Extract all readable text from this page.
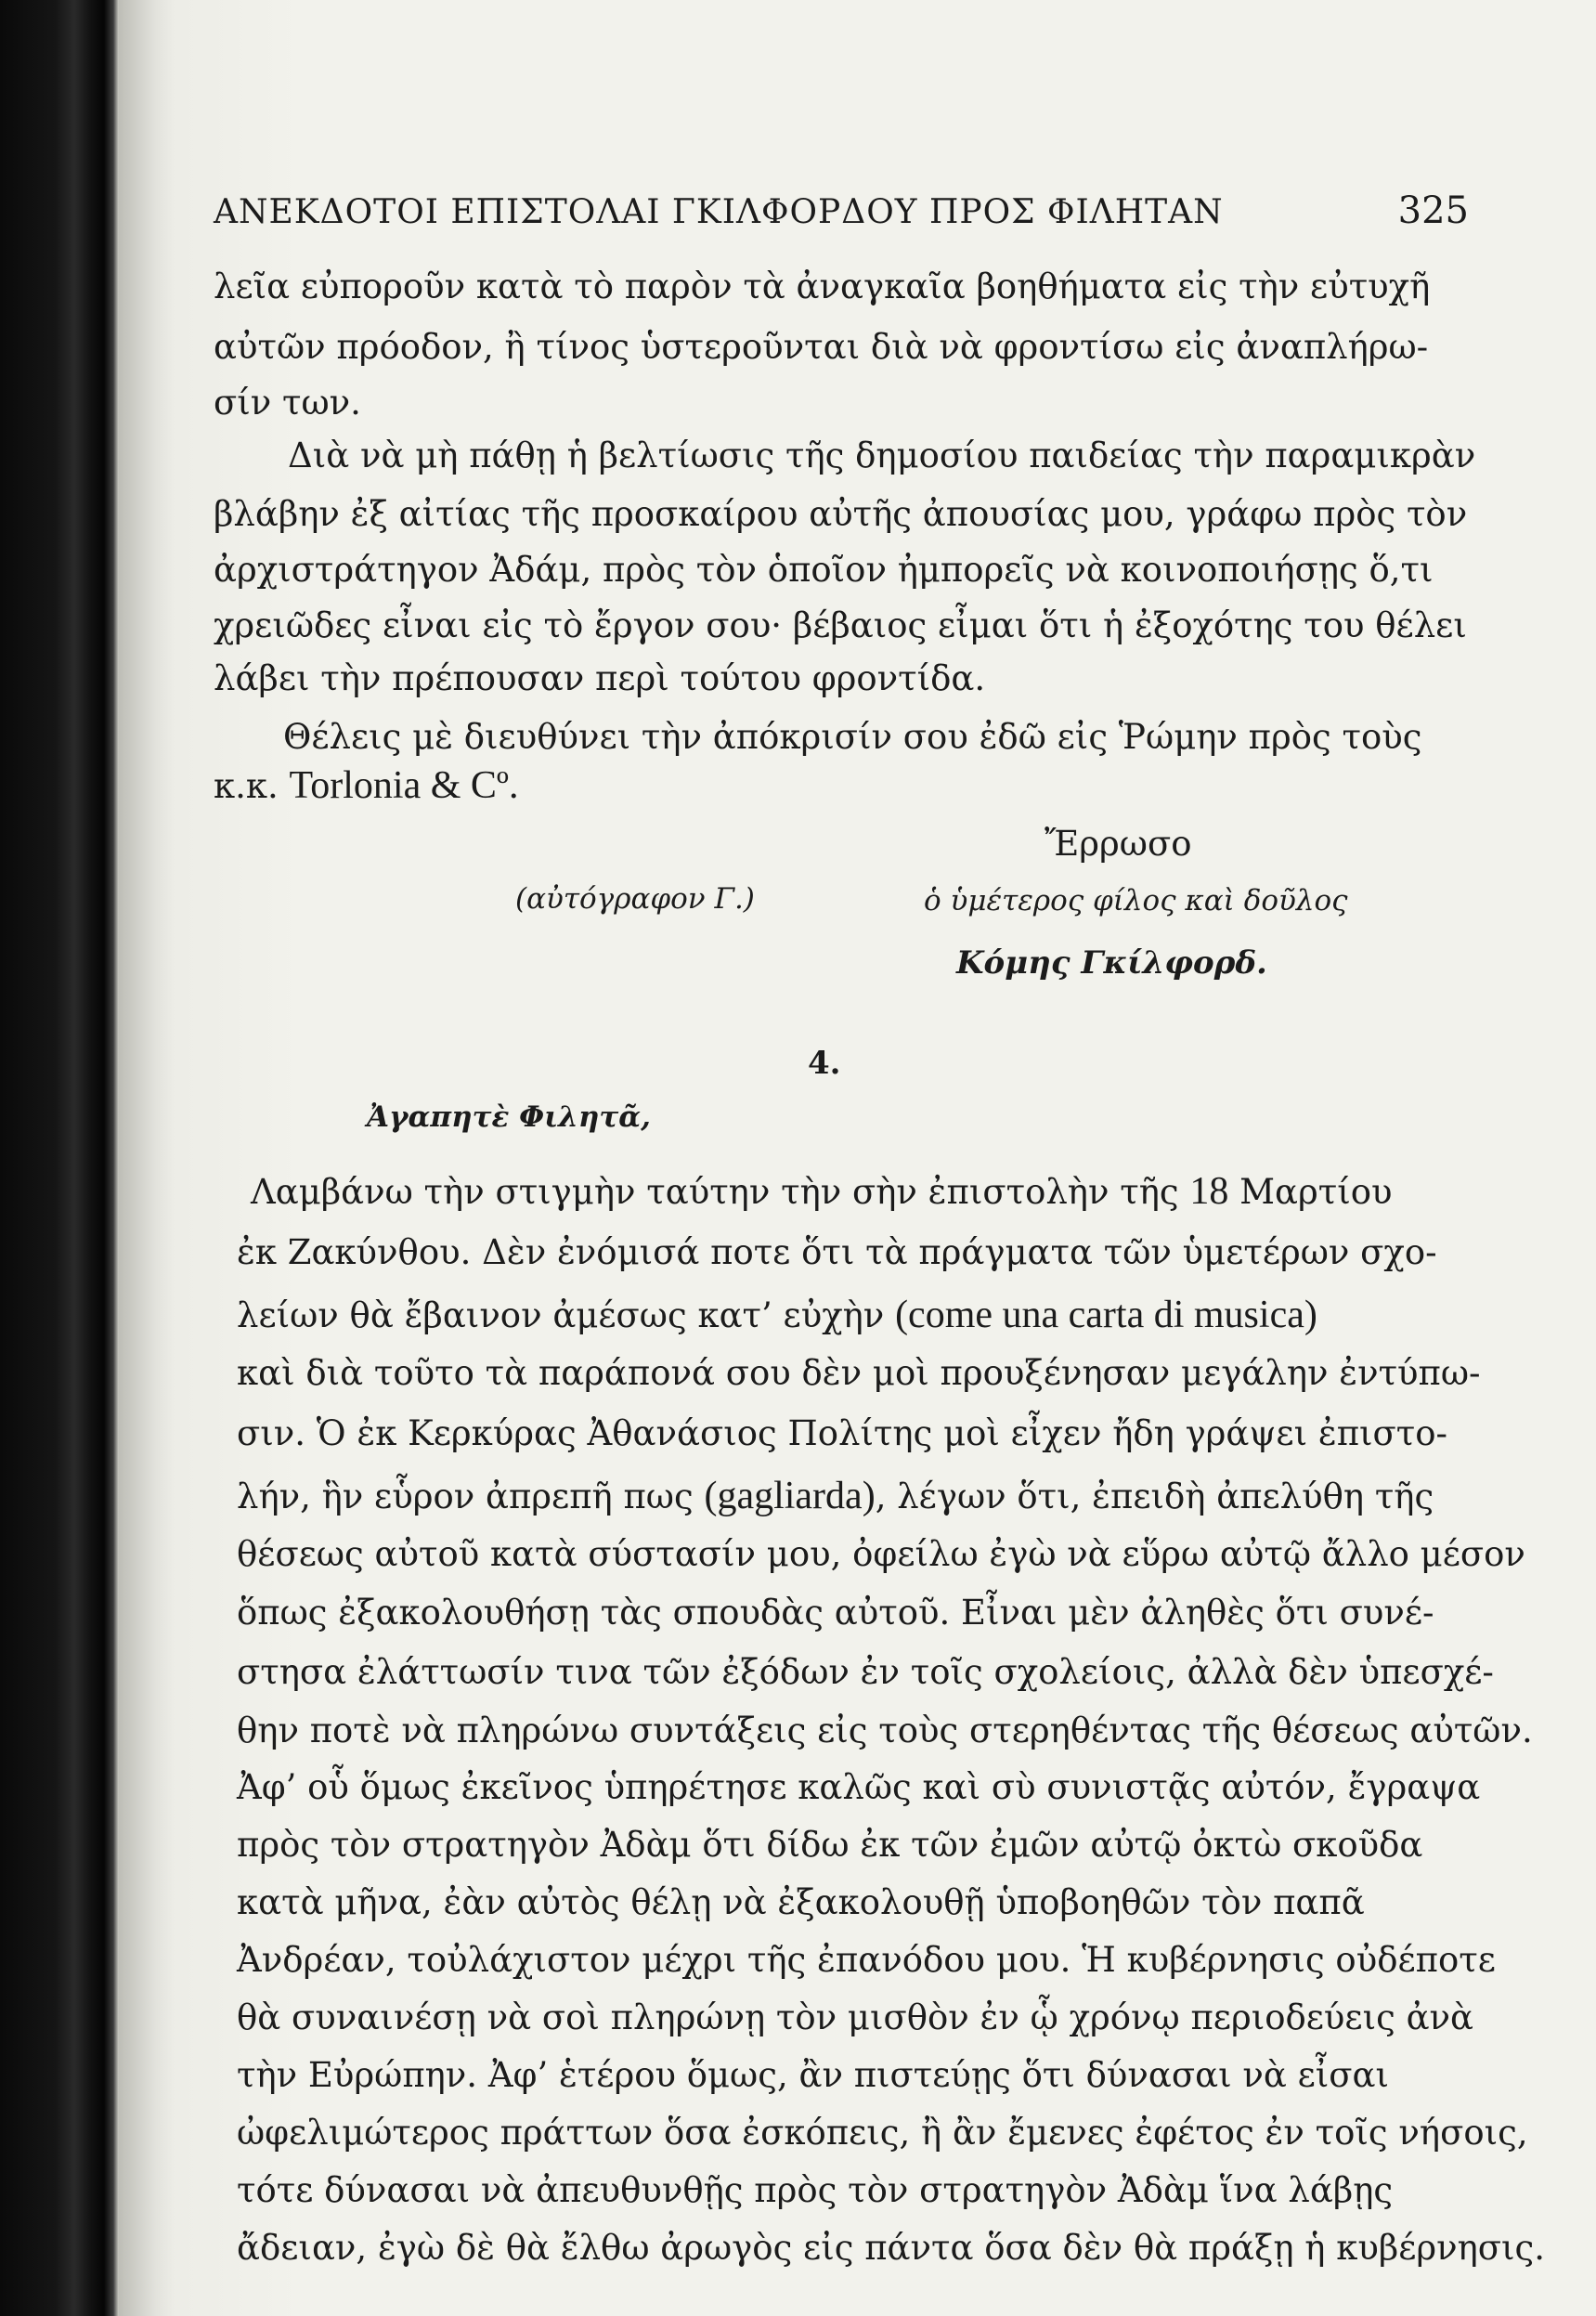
ΑΝΕΚΔΟΤΟΙ ΕΠΙΣΤΟΛΑΙ ΓΚΙΛΦΟΡΔΟΥ ΠΡΟΣ ΦΙΛΗΤΑΝ	325
λεῖα εὐποροῦν κατὰ τὸ παρὸν τὰ ἀναγκαῖα βοηθήματα εἰς τὴν εὐτυχῆ
αὐτῶν πρόοδον, ἢ τίνος ὑστεροῦνται διὰ νὰ φροντίσω εἰς ἀναπλήρω-
σίν των.
Διὰ νὰ μὴ πάθῃ ἡ βελτίωσις τῆς δημοσίου παιδείας τὴν παραμικρὰν
βλάβην ἐξ αἰτίας τῆς προσκαίρου αὐτῆς ἀπουσίας μου, γράφω πρὸς τὸν
ἀρχιστράτηγον Ἀδάμ, πρὸς τὸν ὁποῖον ἠμπορεῖς νὰ κοινοποιήσῃς ὅ,τι
χρειῶδες εἶναι εἰς τὸ ἔργον σου· βέβαιος εἶμαι ὅτι ἡ ἐξοχότης του θέλει
λάβει τὴν πρέπουσαν περὶ τούτου φροντίδα.
Θέλεις μὲ διευθύνει τὴν ἀπόκρισίν σου ἐδῶ εἰς Ῥώμην πρὸς τοὺς
κ.κ. Torlonia & Cº.
Ἔρρωσο
(αὐτόγραφον Γ.)	ὁ ὑμέτερος φίλος καὶ δοῦλος
Κόμης Γκίλφορδ.
4.
Ἀγαπητὲ Φιλητᾶ,
Λαμβάνω τὴν στιγμὴν ταύτην τὴν σὴν ἐπιστολὴν τῆς 18 Μαρτίου
ἐκ Ζακύνθου. Δὲν ἐνόμισά ποτε ὅτι τὰ πράγματα τῶν ὑμετέρων σχο-
λείων θὰ ἔβαινον ἀμέσως κατ’ εὐχὴν (come una carta di musica)
καὶ διὰ τοῦτο τὰ παράπονά σου δὲν μοὶ προυξένησαν μεγάλην ἐντύπω-
σιν. Ὁ ἐκ Κερκύρας Ἀθανάσιος Πολίτης μοὶ εἶχεν ἤδη γράψει ἐπιστο-
λήν, ἣν εὗρον ἀπρεπῆ πως (gagliarda), λέγων ὅτι, ἐπειδὴ ἀπελύθη τῆς
θέσεως αὐτοῦ κατὰ σύστασίν μου, ὀφείλω ἐγὼ νὰ εὕρω αὐτῷ ἄλλο μέσον
ὅπως ἐξακολουθήσῃ τὰς σπουδὰς αὐτοῦ. Εἶναι μὲν ἀληθὲς ὅτι συνέ-
στησα ἐλάττωσίν τινα τῶν ἐξόδων ἐν τοῖς σχολείοις, ἀλλὰ δὲν ὑπεσχέ-
θην ποτὲ νὰ πληρώνω συντάξεις εἰς τοὺς στερηθέντας τῆς θέσεως αὐτῶν.
Ἀφ’ οὗ ὅμως ἐκεῖνος ὑπηρέτησε καλῶς καὶ σὺ συνιστᾷς αὐτόν, ἔγραψα
πρὸς τὸν στρατηγὸν Ἀδὰμ ὅτι δίδω ἐκ τῶν ἐμῶν αὐτῷ ὀκτὼ σκοῦδα
κατὰ μῆνα, ἐὰν αὐτὸς θέλῃ νὰ ἐξακολουθῇ ὑποβοηθῶν τὸν παπᾶ
Ἀνδρέαν, τοὐλάχιστον μέχρι τῆς ἐπανόδου μου. Ἡ κυβέρνησις οὐδέποτε
θὰ συναινέσῃ νὰ σοὶ πληρώνῃ τὸν μισθὸν ἐν ᾧ χρόνῳ περιοδεύεις ἀνὰ
τὴν Εὐρώπην. Ἀφ’ ἑτέρου ὅμως, ἂν πιστεύῃς ὅτι δύνασαι νὰ εἶσαι
ὠφελιμώτερος πράττων ὅσα ἐσκόπεις, ἢ ἂν ἔμενες ἐφέτος ἐν τοῖς νήσοις,
τότε δύνασαι νὰ ἀπευθυνθῇς πρὸς τὸν στρατηγὸν Ἀδὰμ ἵνα λάβῃς
ἄδειαν, ἐγὼ δὲ θὰ ἔλθω ἀρωγὸς εἰς πάντα ὅσα δὲν θὰ πράξῃ ἡ κυβέρνησις.
